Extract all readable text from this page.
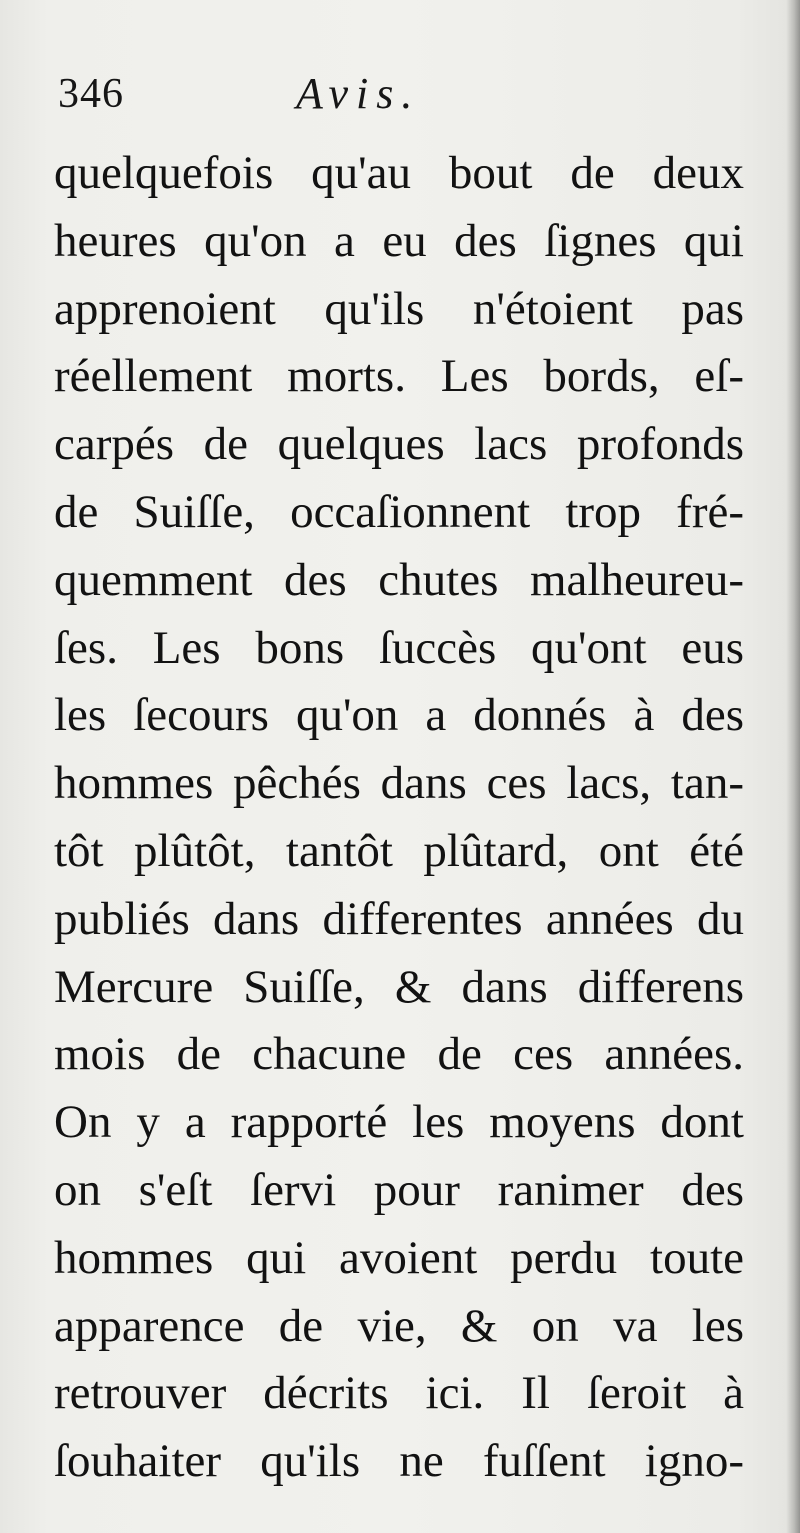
346	Avis.
quelquefois qu'au bout de deux
heures qu'on a eu des ſignes qui
apprenoient qu'ils n'étoient pas
réellement morts. Les bords, eſ-
carpés de quelques lacs profonds
de Suiſſe, occaſionnent trop fré-
quemment des chutes malheureu-
ſes. Les bons ſuccès qu'ont eus
les ſecours qu'on a donnés à des
hommes pêchés dans ces lacs, tan-
tôt plûtôt, tantôt plûtard, ont été
publiés dans differentes années du
Mercure Suiſſe, & dans differens
mois de chacune de ces années.
On y a rapporté les moyens dont
on s'eſt ſervi pour ranimer des
hommes qui avoient perdu toute
apparence de vie, & on va les
retrouver décrits ici. Il ſeroit à
ſouhaiter qu'ils ne fuſſent igno-
